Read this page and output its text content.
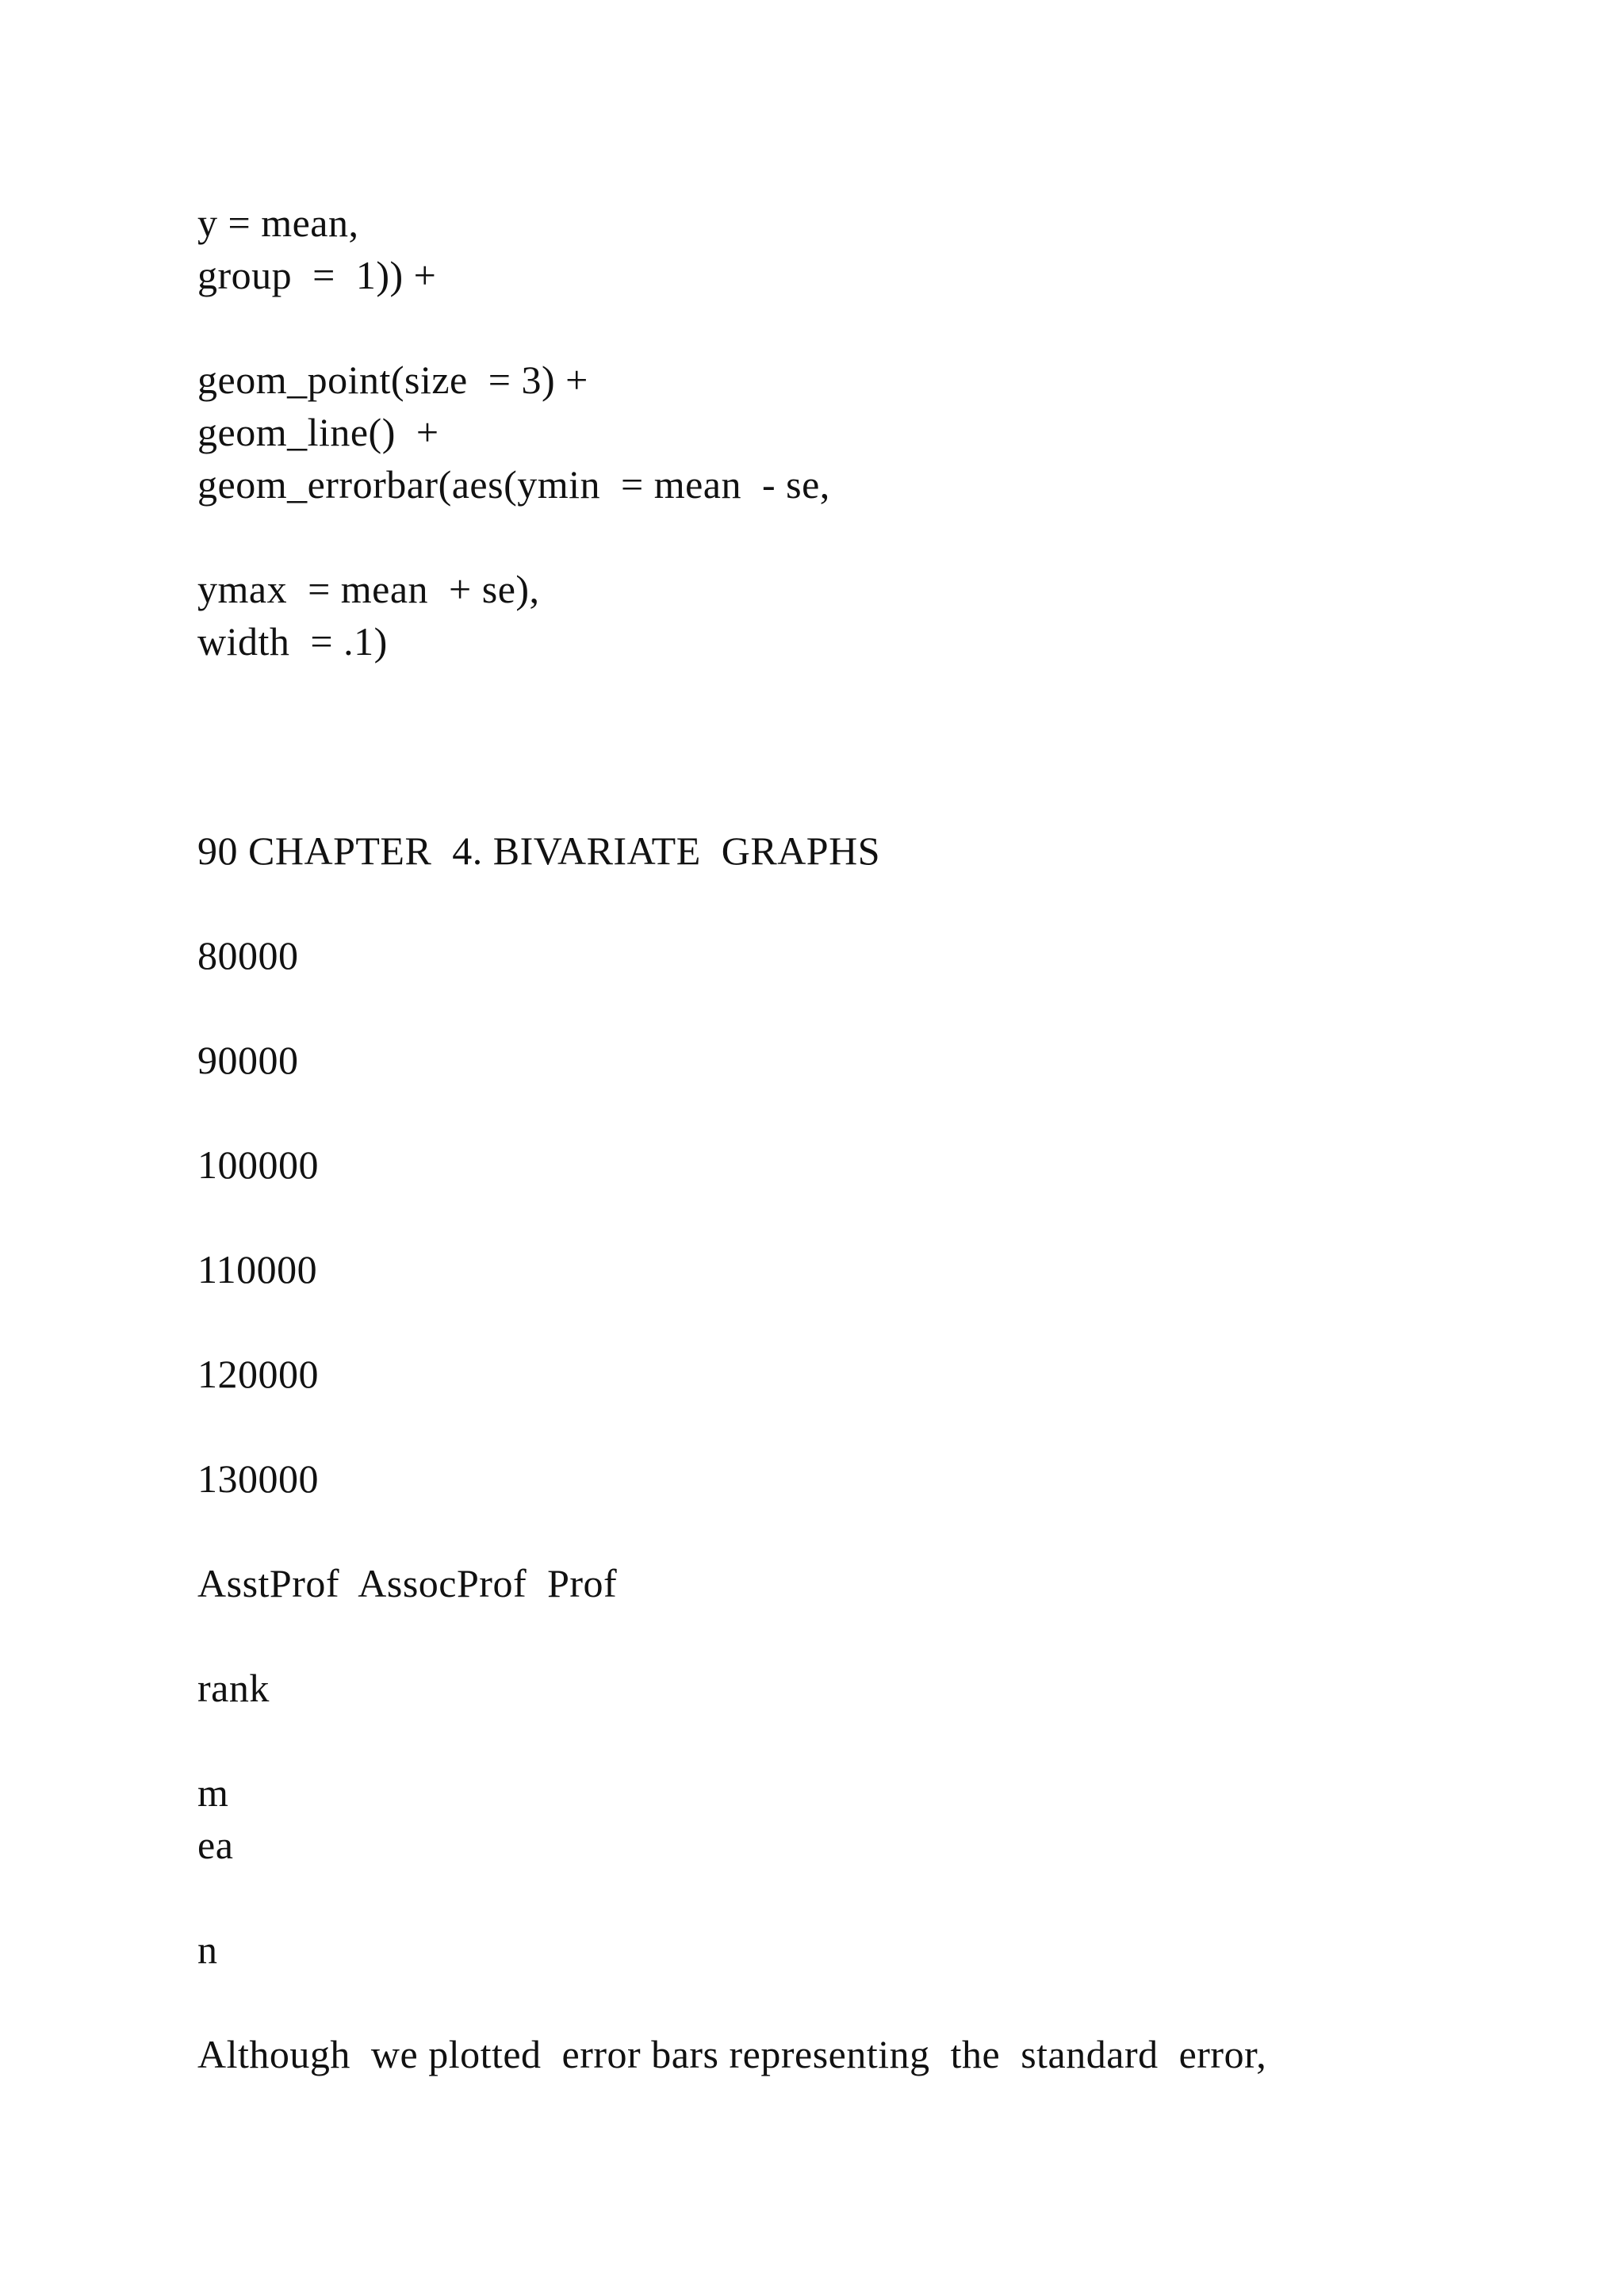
y = mean,
group  =  1)) +
geom_point(size  = 3) +
geom_line()  +
geom_errorbar(aes(ymin  = mean  - se,
ymax  = mean  + se),
width  = .1)
90 CHAPTER  4. BIVARIATE  GRAPHS
80000
90000
100000
110000
120000
130000
AsstProf  AssocProf  Prof
rank
m
ea
n
Although  we plotted  error bars representing  the  standard  error,
